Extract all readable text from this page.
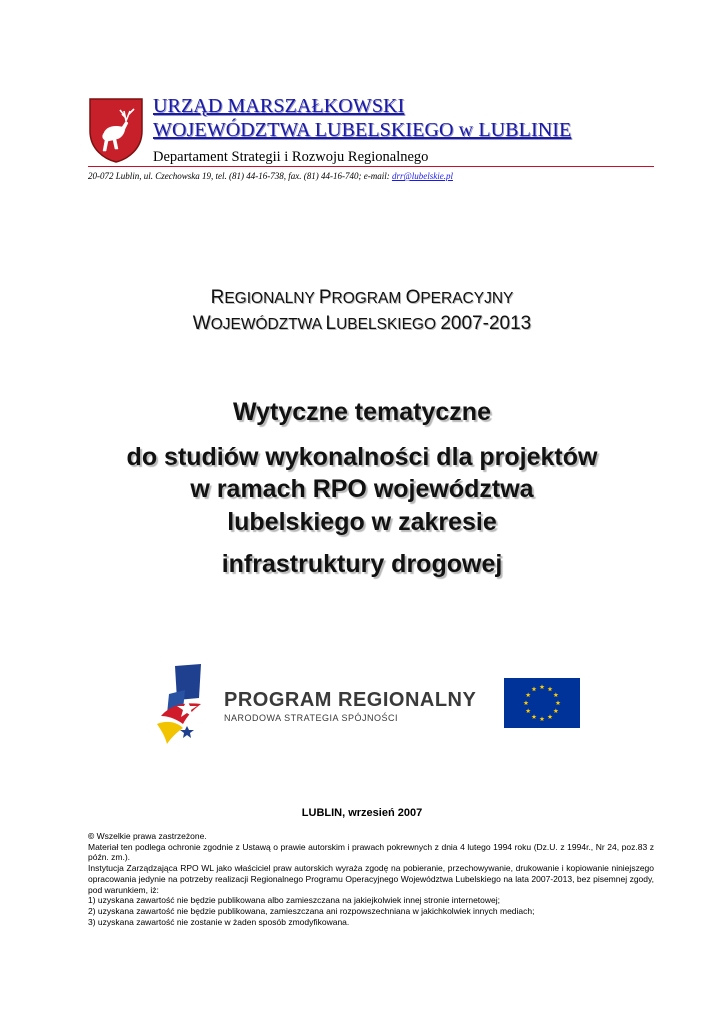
URZĄD MARSZAŁKOWSKI
WOJEWÓDZTWA LUBELSKIEGO w LUBLINIE
Departament Strategii i Rozwoju Regionalnego
20-072 Lublin, ul. Czechowska 19, tel. (81) 44-16-738, fax. (81) 44-16-740; e-mail: drr@lubelskie.pl
REGIONALNY PROGRAM OPERACYJNY
WOJEWÓDZTWA LUBELSKIEGO 2007-2013
Wytyczne tematyczne
do studiów wykonalności dla projektów
w ramach RPO województwa
lubelskiego w zakresie
infrastruktury drogowej
PROGRAM REGIONALNY
NARODOWA STRATEGIA SPÓJNOŚCI
LUBLIN, wrzesień 2007

© Wszelkie prawa zastrzeżone.

Materiał ten podlega ochronie zgodnie z Ustawą o prawie autorskim i prawach pokrewnych z dnia 4 lutego 1994 roku (Dz.U. z 1994r., Nr 24, poz.83 z późn. zm.).

Instytucja Zarządzająca RPO WL jako właściciel praw autorskich wyraża zgodę na pobieranie, przechowywanie, drukowanie i kopiowanie niniejszego opracowania jedynie na potrzeby realizacji Regionalnego Programu Operacyjnego Województwa Lubelskiego na lata 2007-2013, bez pisemnej zgody, pod warunkiem, iż:

1) uzyskana zawartość nie będzie publikowana albo zamieszczana na jakiejkolwiek innej stronie internetowej;

2) uzyskana zawartość nie będzie publikowana, zamieszczana ani rozpowszechniana w jakichkolwiek innych mediach;

3) uzyskana zawartość nie zostanie w żaden sposób zmodyfikowana.
